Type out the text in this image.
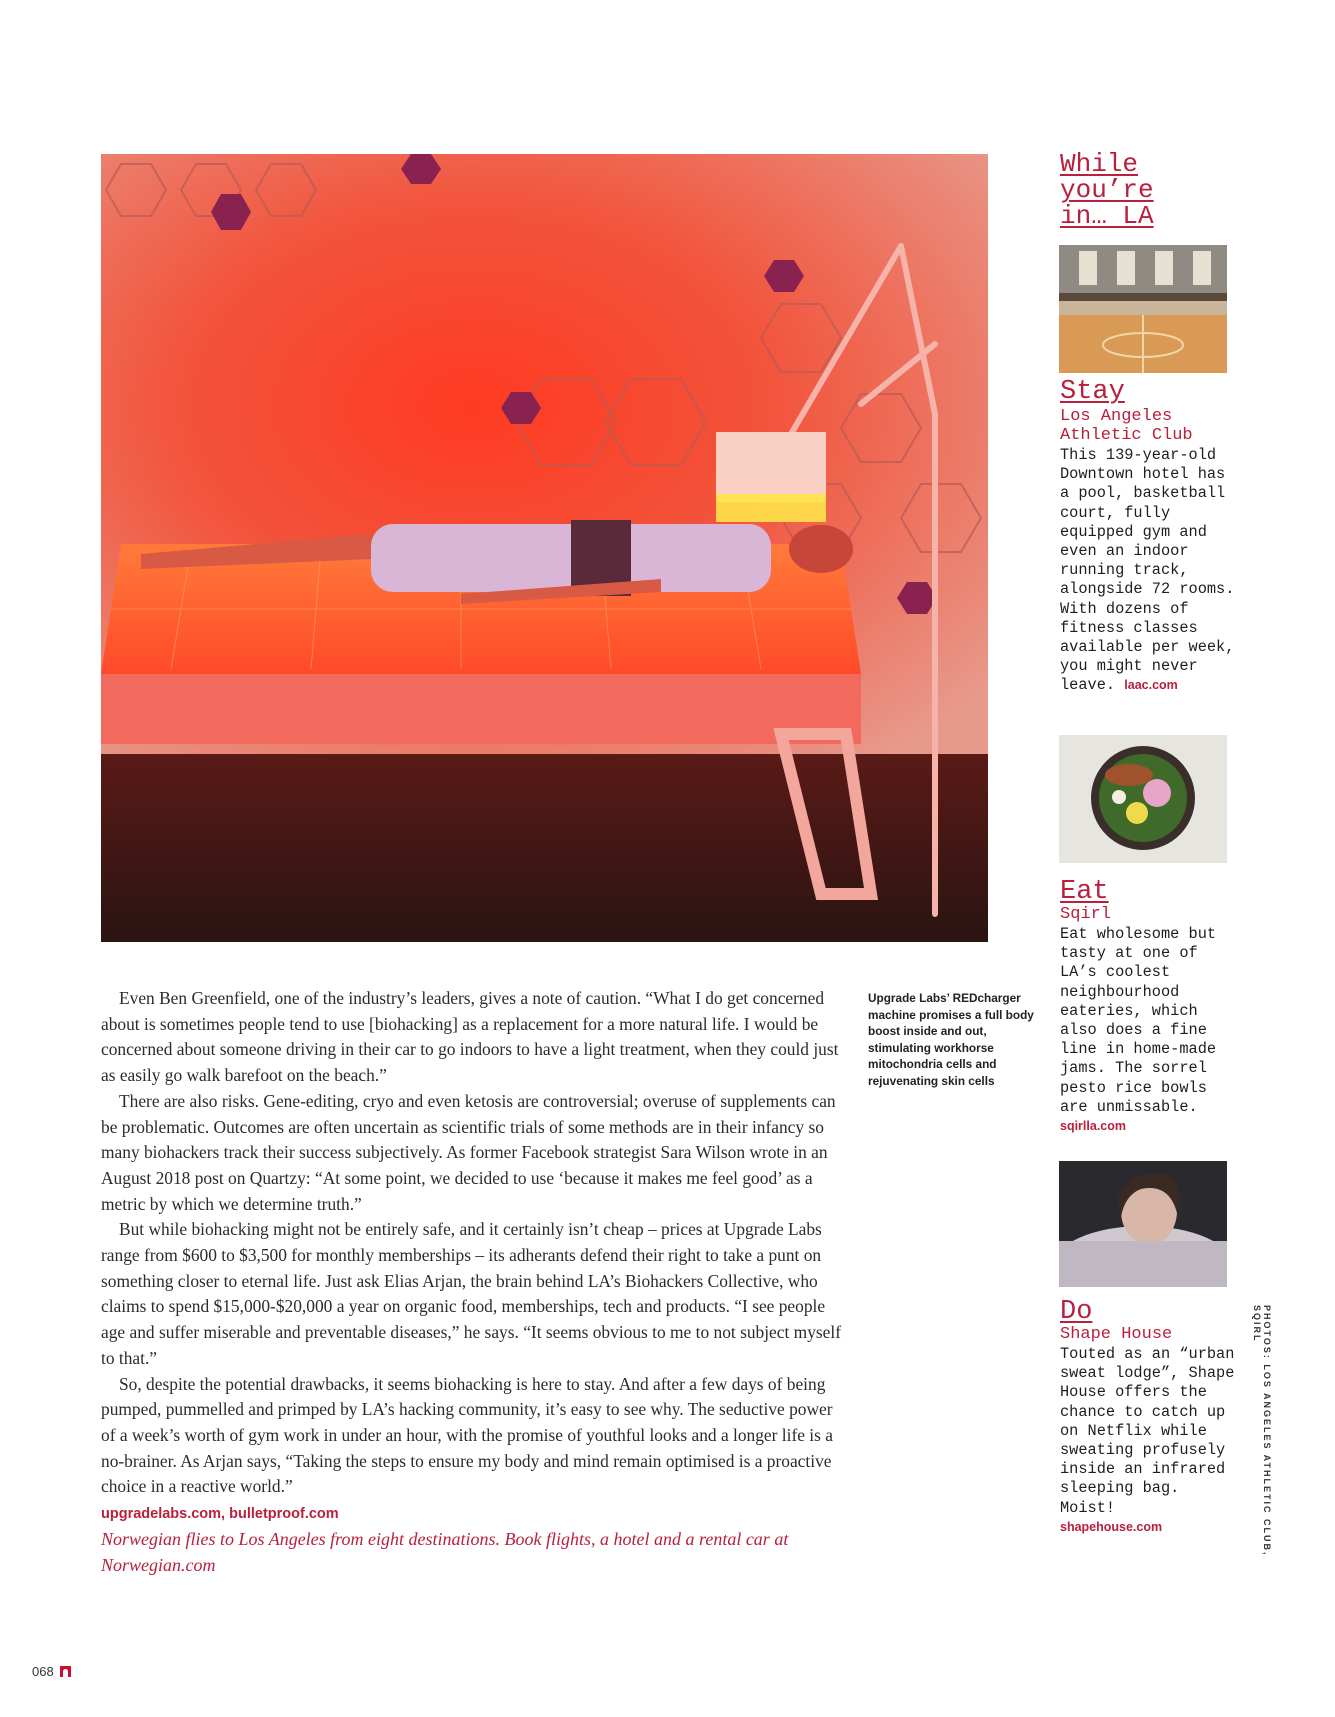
Even Ben Greenfield, one of the industry’s leaders, gives a note of caution. “What I do get concerned about is sometimes people tend to use [biohacking] as a replacement for a more natural life. I would be concerned about someone driving in their car to go indoors to have a light treatment, when they could just as easily go walk barefoot on the beach.”

There are also risks. Gene-editing, cryo and even ketosis are controversial; overuse of supplements can be problematic. Outcomes are often uncertain as scientific trials of some methods are in their infancy so many biohackers track their success subjectively. As former Facebook strategist Sara Wilson wrote in an August 2018 post on Quartzy: “At some point, we decided to use ‘because it makes me feel good’ as a metric by which we determine truth.”

But while biohacking might not be entirely safe, and it certainly isn’t cheap – prices at Upgrade Labs range from $600 to $3,500 for monthly memberships – its adherants defend their right to take a punt on something closer to eternal life. Just ask Elias Arjan, the brain behind LA’s Biohackers Collective, who claims to spend $15,000-$20,000 a year on organic food, memberships, tech and products. “I see people age and suffer miserable and preventable diseases,” he says. “It seems obvious to me to not subject myself to that.”

So, despite the potential drawbacks, it seems biohacking is here to stay. And after a few days of being pumped, pummelled and primped by LA’s hacking community, it’s easy to see why. The seductive power of a week’s worth of gym work in under an hour, with the promise of youthful looks and a longer life is a no-brainer. As Arjan says, “Taking the steps to ensure my body and mind remain optimised is a proactive choice in a reactive world.”

upgradelabs.com, bulletproof.com
Norwegian flies to Los Angeles from eight destinations. Book flights, a hotel and a rental car at Norwegian.com
Upgrade Labs’ REDcharger machine promises a full body boost inside and out, stimulating workhorse mitochondria cells and rejuvenating skin cells
While
you’re
in… LA
Stay
Los Angeles
Athletic Club
This 139-year-old Downtown hotel has a pool, basketball court, fully equipped gym and even an indoor running track, alongside 72 rooms. With dozens of fitness classes available per week, you might never leave. laac.com
Eat
Sqirl
Eat wholesome but tasty at one of LA’s coolest neighbourhood eateries, which also does a fine line in home-made jams. The sorrel pesto rice bowls are unmissable.
sqirlla.com
Do
Shape House
Touted as an “urban sweat lodge”, Shape House offers the chance to catch up on Netflix while sweating profusely inside an infrared sleeping bag. Moist!
shapehouse.com	PHOTOS: LOS ANGELES ATHLETIC CLUB, SQIRL
068
